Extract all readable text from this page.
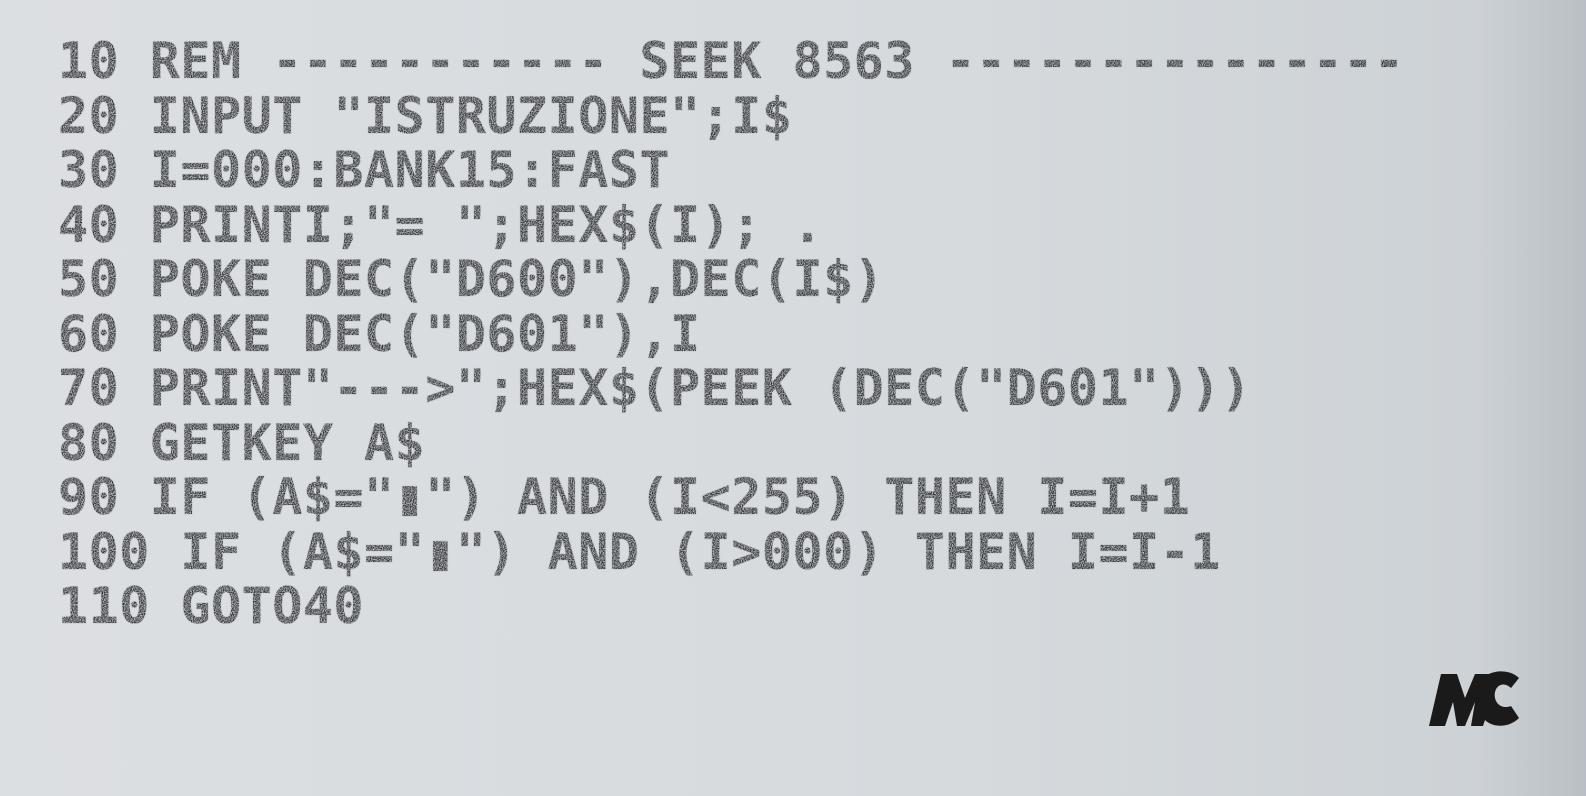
10 REM ----------- SEEK 8563 ---------------
20 INPUT "ISTRUZIONE";I$
30 I=000:BANK15:FAST
40 PRINTI;"= ";HEX$(I); .
50 POKE DEC("D600"),DEC(I$)
60 POKE DEC("D601"),I
70 PRINT"--->";HEX$(PEEK (DEC("D601")))
80 GETKEY A$
90 IF (A$="▮") AND (I<255) THEN I=I+1
100 IF (A$="▮") AND (I>000) THEN I=I-1
110 GOTO40
